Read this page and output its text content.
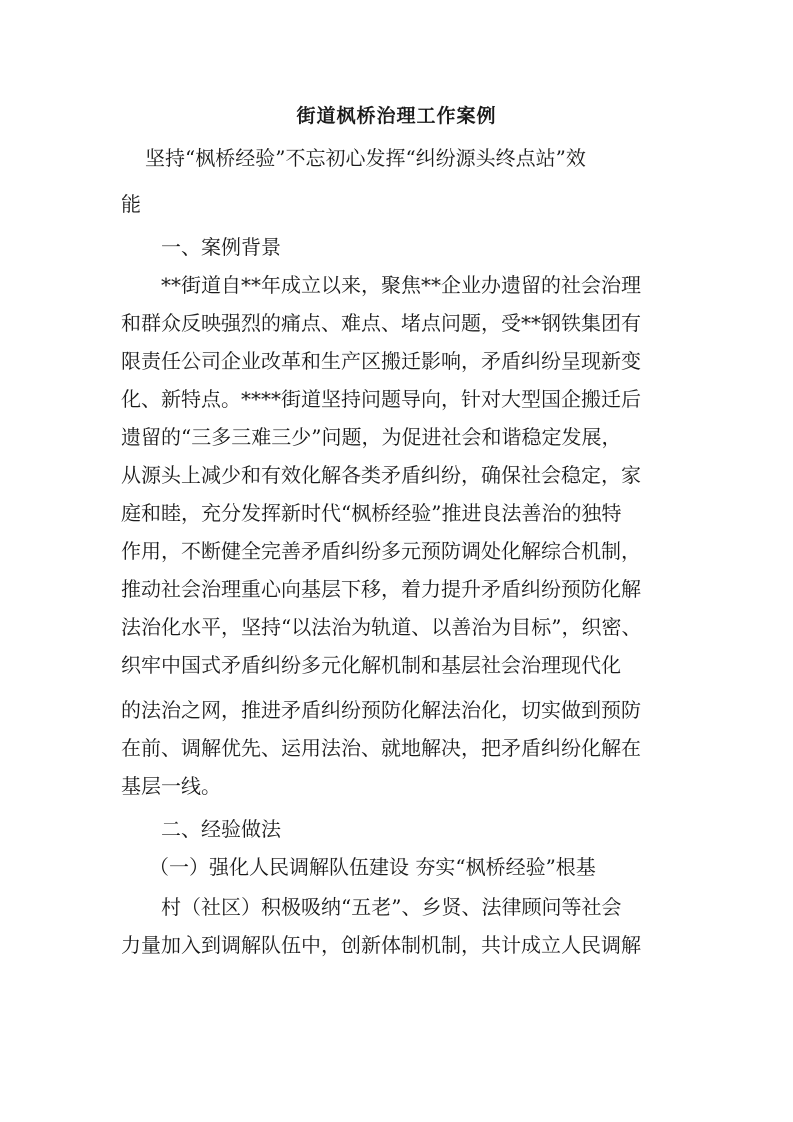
街道枫桥治理工作案例
坚持“枫桥经验”不忘初心发挥“纠纷源头终点站”效
能
一、案例背景
**街道自**年成立以来，聚焦**企业办遗留的社会治理
和群众反映强烈的痛点、难点、堵点问题，受**钢铁集团有
限责任公司企业改革和生产区搬迁影响，矛盾纠纷呈现新变
化、新特点。****街道坚持问题导向，针对大型国企搬迁后
遗留的“三多三难三少”问题，为促进社会和谐稳定发展，
从源头上减少和有效化解各类矛盾纠纷，确保社会稳定，家
庭和睦，充分发挥新时代“枫桥经验”推进良法善治的独特
作用，不断健全完善矛盾纠纷多元预防调处化解综合机制，
推动社会治理重心向基层下移，着力提升矛盾纠纷预防化解
法治化水平，坚持“以法治为轨道、以善治为目标”，织密、
织牢中国式矛盾纠纷多元化解机制和基层社会治理现代化
的法治之网，推进矛盾纠纷预防化解法治化，切实做到预防
在前、调解优先、运用法治、就地解决，把矛盾纠纷化解在
基层一线。
二、经验做法
（一）强化人民调解队伍建设 夯实“枫桥经验”根基
村（社区）积极吸纳“五老”、乡贤、法律顾问等社会
力量加入到调解队伍中，创新体制机制，共计成立人民调解
